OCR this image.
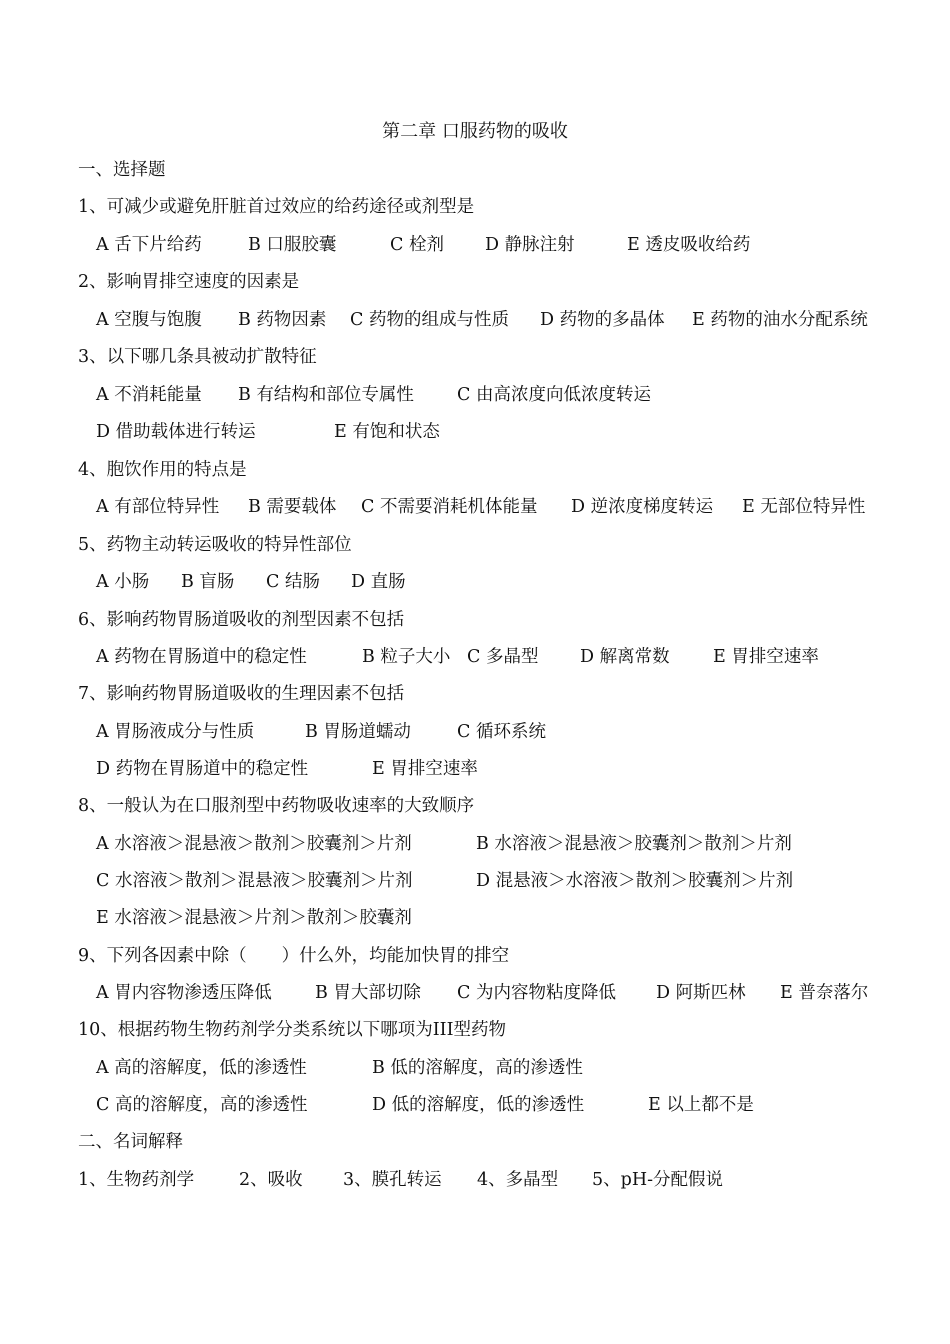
第二章 口服药物的吸收
一、选择题
1、可减少或避免肝脏首过效应的给药途径或剂型是
A 舌下片给药	B 口服胶囊	C 栓剂 D 静脉注射	E 透皮吸收给药
2、影响胃排空速度的因素是
A 空腹与饱腹 B 药物因素 C 药物的组成与性质 D 药物的多晶体 E 药物的油水分配系统
3、以下哪几条具被动扩散特征
A 不消耗能量 B 有结构和部位专属性 C 由高浓度向低浓度转运
D 借助载体进行转运	E 有饱和状态
4、胞饮作用的特点是
A 有部位特异性 B 需要载体 C 不需要消耗机体能量 D 逆浓度梯度转运 E 无部位特异性
5、药物主动转运吸收的特异性部位
A 小肠 B 盲肠 C 结肠 D 直肠
6、影响药物胃肠道吸收的剂型因素不包括
A 药物在胃肠道中的稳定性	B 粒子大小 C 多晶型 D 解离常数 E 胃排空速率
7、影响药物胃肠道吸收的生理因素不包括
A 胃肠液成分与性质	B 胃肠道蠕动	C 循环系统
D 药物在胃肠道中的稳定性	E 胃排空速率
8、一般认为在口服剂型中药物吸收速率的大致顺序
A 水溶液＞混悬液＞散剂＞胶囊剂＞片剂	B 水溶液＞混悬液＞胶囊剂＞散剂＞片剂
C 水溶液＞散剂＞混悬液＞胶囊剂＞片剂	D 混悬液＞水溶液＞散剂＞胶囊剂＞片剂
E 水溶液＞混悬液＞片剂＞散剂＞胶囊剂
9、下列各因素中除（　　）什么外，均能加快胃的排空
A 胃内容物渗透压降低 B 胃大部切除 C 为内容物粘度降低 D 阿斯匹林 E 普奈落尔
10、根据药物生物药剂学分类系统以下哪项为III型药物
A 高的溶解度，低的渗透性	B 低的溶解度，高的渗透性
C 高的溶解度，高的渗透性	D 低的溶解度，低的渗透性	E 以上都不是
二、名词解释
1、生物药剂学	2、吸收 3、膜孔转运 4、多晶型 5、pH-分配假说
